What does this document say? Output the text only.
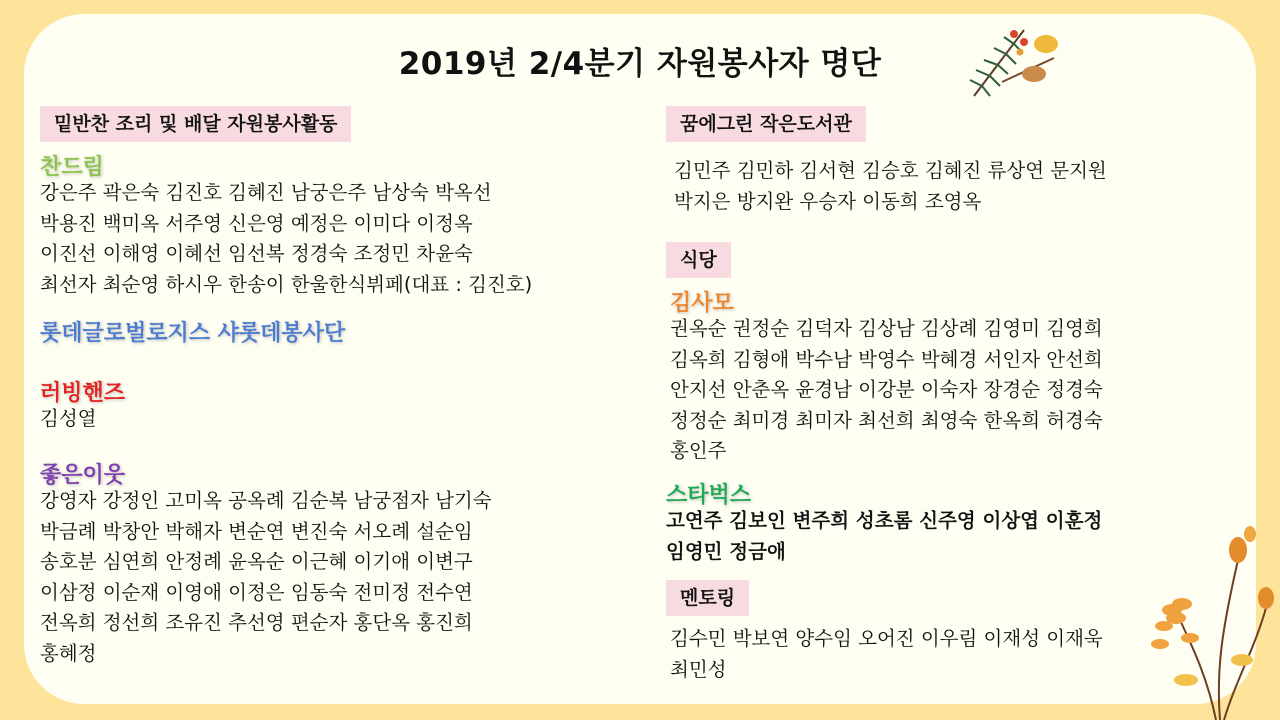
2019년 2/4분기 자원봉사자 명단
밑반찬 조리 및 배달 자원봉사활동
찬드림
강은주 곽은숙 김진호 김혜진 남궁은주 남상숙 박옥선
박용진 백미옥 서주영 신은영 예정은 이미다 이정옥
이진선 이해영 이혜선 임선복 정경숙 조정민 차윤숙
최선자 최순영 하시우 한송이 한울한식뷔페(대표 : 김진호)
롯데글로벌로지스 샤롯데봉사단
러빙핸즈
김성열
좋은이웃
강영자 강정인 고미옥 공옥례 김순복 남궁점자 남기숙
박금례 박창안 박해자 변순연 변진숙 서오례 설순임
송호분 심연희 안정례 윤옥순 이근혜 이기애 이변구
이삼정 이순재 이영애 이정은 임동숙 전미정 전수연
전옥희 정선희 조유진 추선영 편순자 홍단옥 홍진희
홍혜정
꿈에그린 작은도서관
김민주 김민하 김서현 김승호 김혜진 류상연 문지원
박지은 방지완 우승자 이동희 조영옥
식당
김사모
권옥순 권정순 김덕자 김상남 김상례 김영미 김영희
김옥희 김형애 박수남 박영수 박혜경 서인자 안선희
안지선 안춘옥 윤경남 이강분 이숙자 장경순 정경숙
정정순 최미경 최미자 최선희 최영숙 한옥희 허경숙
홍인주
스타벅스
고연주 김보인 변주희 성초롬 신주영 이상엽 이훈정
임영민 정금애
멘토링
김수민 박보연 양수임 오어진 이우림 이재성 이재욱
최민성
